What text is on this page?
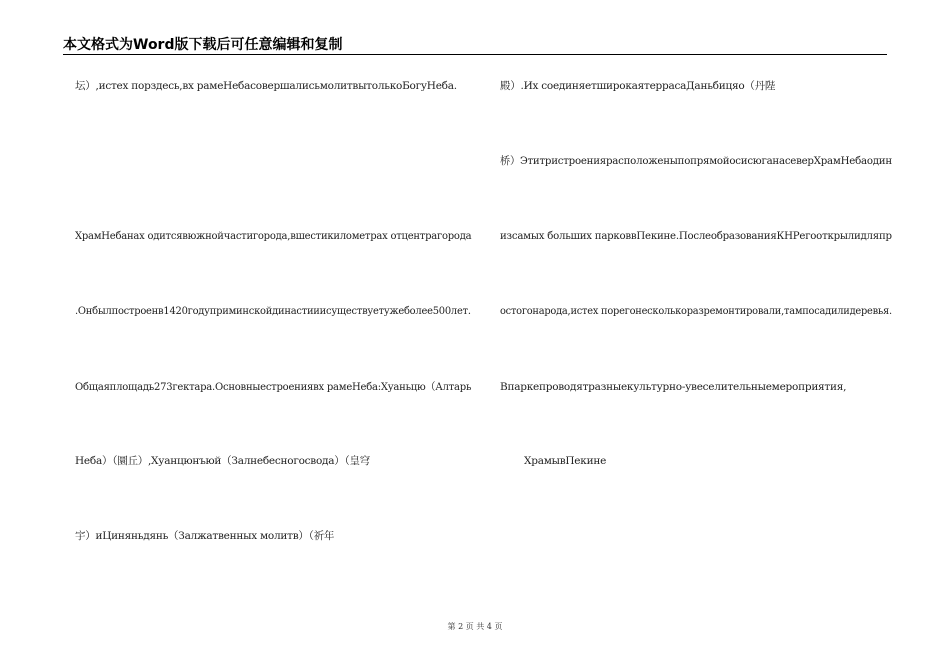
本文格式为Word版下载后可任意编辑和复制
坛）,истех порздесь,вх рамеНебасовершалисьмолитвытолькоБогуНеба.
ХрамНебанах одитсявюжнойчастигорода,вшестикилометрах отцентрагорода
.Онбылпостроенв1420годуприминскойдинастииисуществуетужеболее500лет.
Общаяплощадь273гектара.Основныестроениявх рамеНеба:Хуаньцю（Алтарь
Неба）（圜丘）,Хуанцюнъюй（Залнебесногосвода）（皇穹
宇）иЦиняньдянь（Залжатвенных молитв）（祈年
殿）.Их соединяетширокаятеррасаДаньбицяо（丹陛
桥）ЭтитристроениярасположеныпопрямойосисюганасеверХрамНебаодин
изсамых больших парковвПекине.ПослеобразованияКНРегооткрылидляпр
остогонарода,истех порегонесколькоразремонтировали,тампосадилидеревья.
Впаркепроводятразныекультурно-увеселительныемероприятия,
ХрамывПекине
第 2 页 共 4 页
